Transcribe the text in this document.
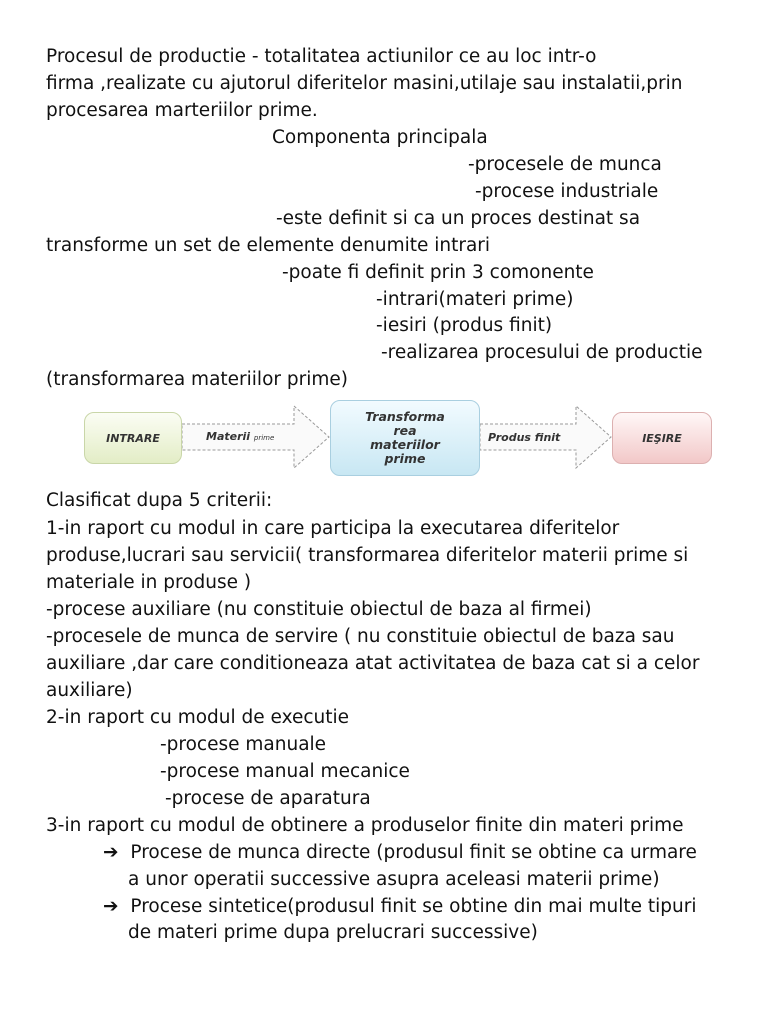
Procesul de productie - totalitatea actiunilor ce au loc intr-o
firma ,realizate cu ajutorul diferitelor masini,utilaje sau instalatii,prin
procesarea marteriilor prime.
Componenta principala
-procesele de munca
-procese industriale
-este definit si ca un proces destinat sa
transforme un set de elemente denumite intrari
-poate fi definit prin 3 comonente
-intrari(materi prime)
-iesiri (produs finit)
-realizarea procesului de productie
(transformarea materiilor prime)
Materii prime	Produs finit
INTRARE
Transforma
rea
materiilor
prime
IEŞIRE
Clasificat dupa 5 criterii:
1-in raport cu modul in care participa la executarea diferitelor
produse,lucrari sau servicii( transformarea diferitelor materii prime si
materiale in produse )
-procese auxiliare (nu constituie obiectul de baza al firmei)
-procesele de munca de servire ( nu constituie obiectul de baza sau
auxiliare ,dar care conditioneaza atat activitatea de baza cat si a celor
auxiliare)
2-in raport cu modul de executie
-procese manuale
-procese manual mecanice
-procese de aparatura
3-in raport cu modul de obtinere a produselor finite din materi prime
➔ Procese de munca directe (produsul finit se obtine ca urmare
a unor operatii successive asupra aceleasi materii prime)
➔ Procese sintetice(produsul finit se obtine din mai multe tipuri
de materi prime dupa prelucrari successive)
